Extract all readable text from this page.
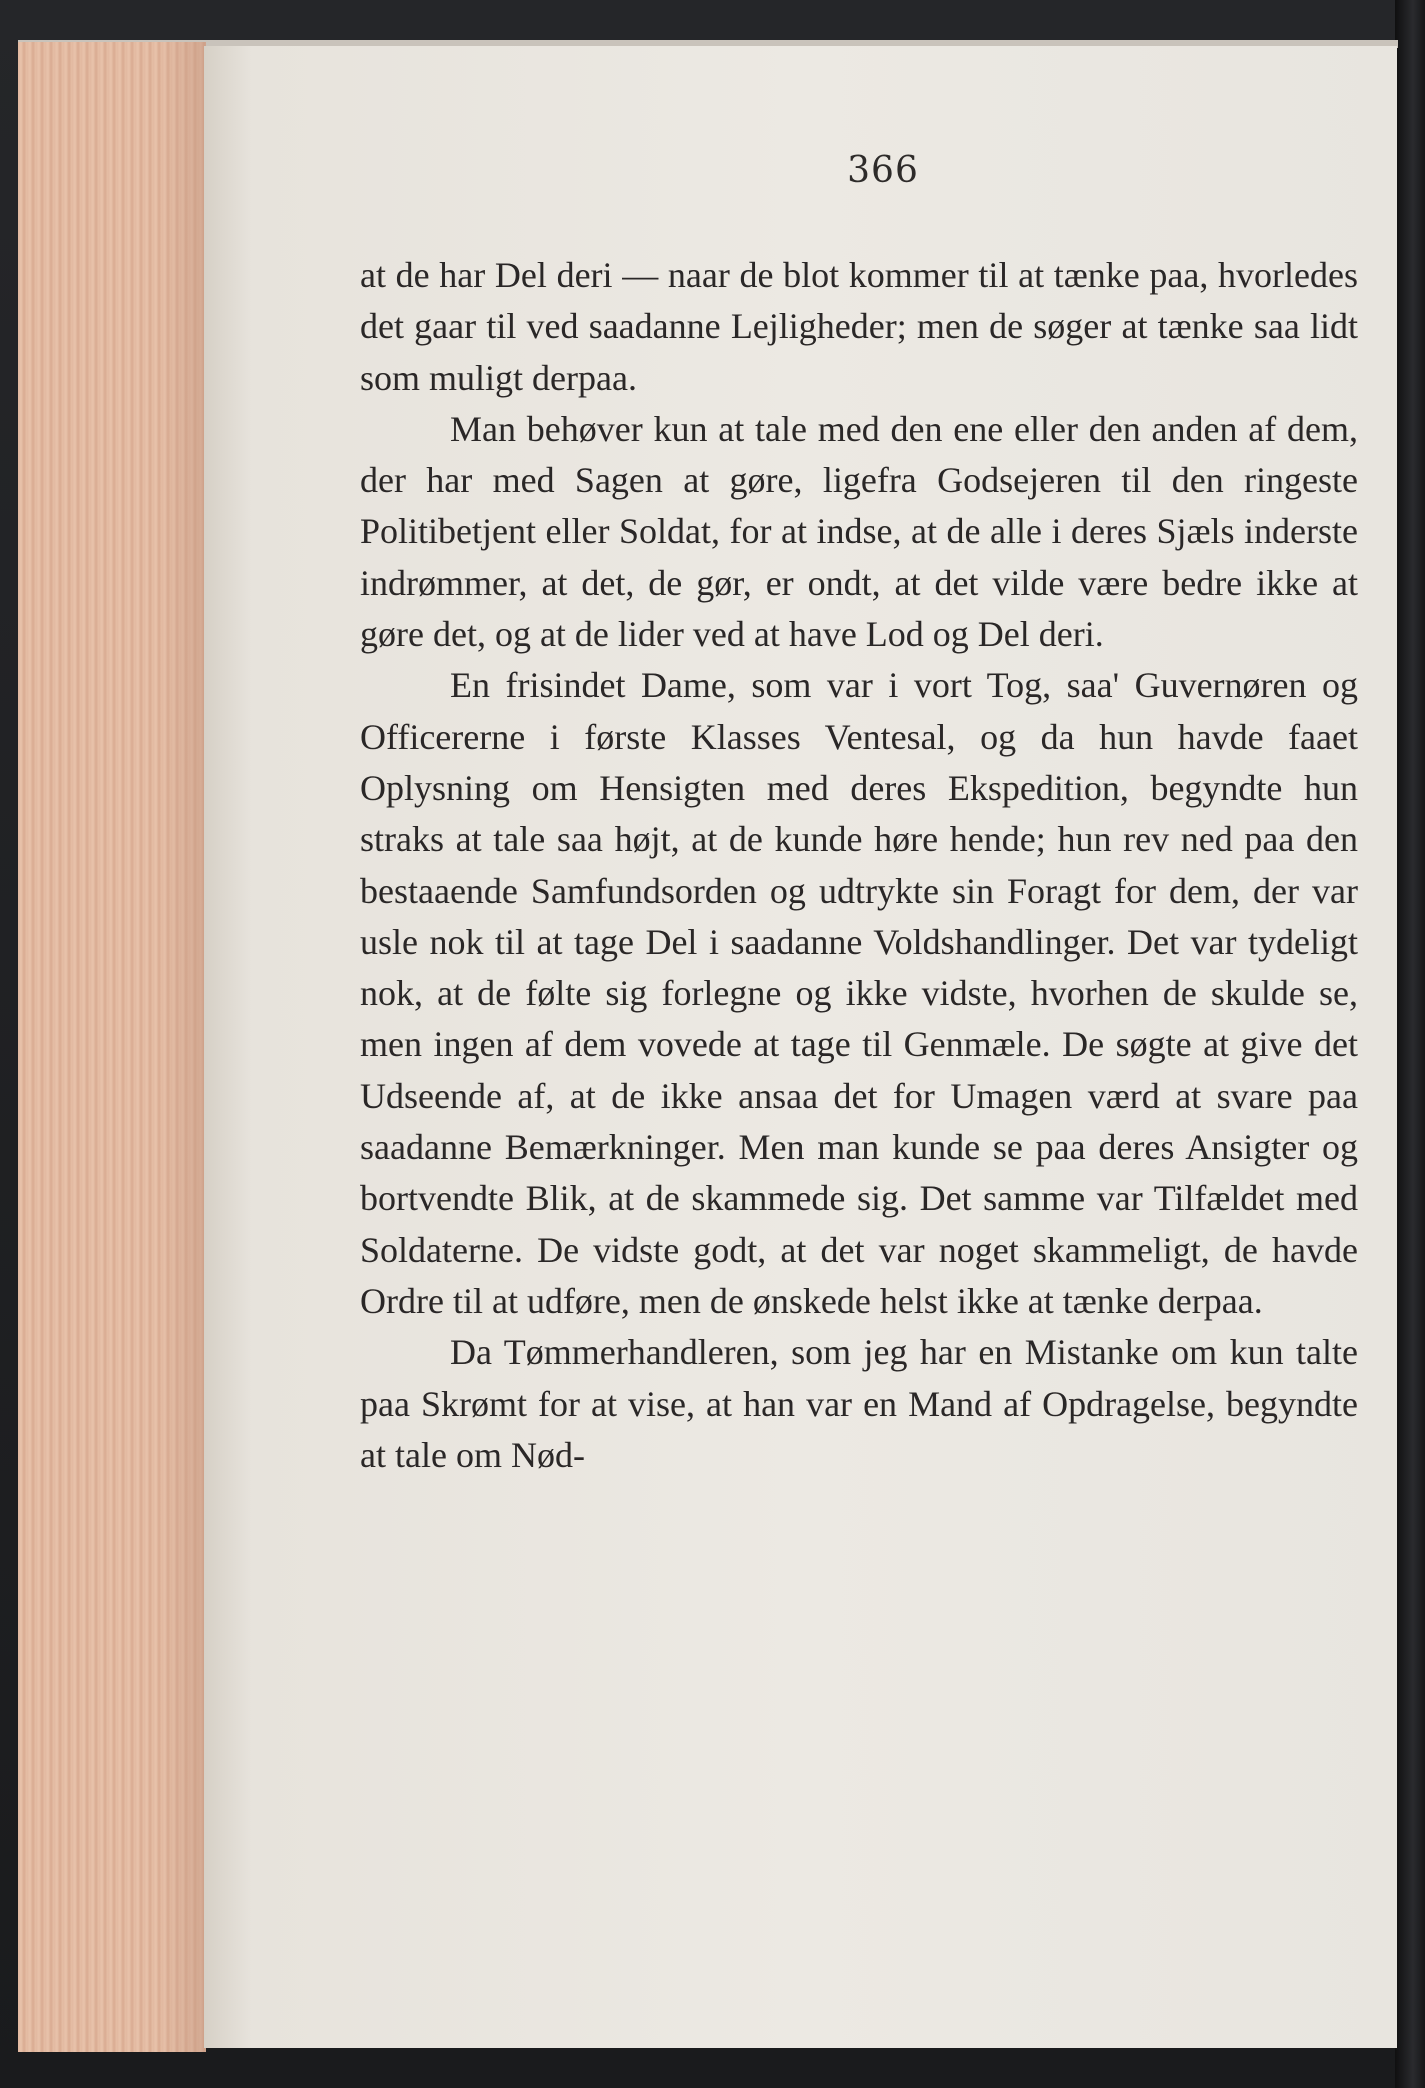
366

at de har Del deri — naar de blot kommer til at tænke paa, hvorledes det gaar til ved saadanne Lejligheder; men de søger at tænke saa lidt som muligt derpaa.

Man behøver kun at tale med den ene eller den anden af dem, der har med Sagen at gøre, ligefra Godsejeren til den ringeste Politibetjent eller Soldat, for at indse, at de alle i deres Sjæls inderste indrømmer, at det, de gør, er ondt, at det vilde være bedre ikke at gøre det, og at de lider ved at have Lod og Del deri.

En frisindet Dame, som var i vort Tog, saa' Guvernøren og Officererne i første Klasses Ventesal, og da hun havde faaet Oplysning om Hensigten med deres Ekspedition, begyndte hun straks at tale saa højt, at de kunde høre hende; hun rev ned paa den bestaaende Samfundsorden og udtrykte sin Foragt for dem, der var usle nok til at tage Del i saadanne Voldshandlinger. Det var tydeligt nok, at de følte sig forlegne og ikke vidste, hvorhen de skulde se, men ingen af dem vovede at tage til Genmæle. De søgte at give det Udseende af, at de ikke ansaa det for Umagen værd at svare paa saadanne Bemærkninger. Men man kunde se paa deres Ansigter og bortvendte Blik, at de skammede sig. Det samme var Tilfældet med Soldaterne. De vidste godt, at det var noget skammeligt, de havde Ordre til at udføre, men de ønskede helst ikke at tænke derpaa.

Da Tømmerhandleren, som jeg har en Mistanke om kun talte paa Skrømt for at vise, at han var en Mand af Opdragelse, begyndte at tale om Nød-
